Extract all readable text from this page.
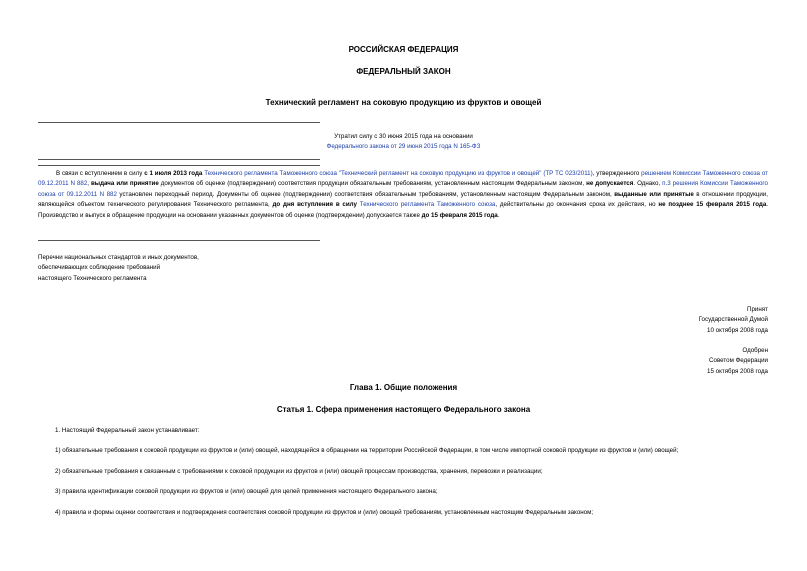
РОССИЙСКАЯ ФЕДЕРАЦИЯ
ФЕДЕРАЛЬНЫЙ ЗАКОН
Технический регламент на соковую продукцию из фруктов и овощей
Утратил силу с 30 июня 2015 года на основании
Федерального закона от 29 июня 2015 года N 165-ФЗ
В связи с вступлением в силу с 1 июля 2013 года Технического регламента Таможенного союза "Технический регламент на соковую продукцию из фруктов и овощей" (ТР ТС 023/2011), утвержденного решением Комиссии Таможенного союза от 09.12.2011 N 882, выдача или принятие документов об оценке (подтверждении) соответствия продукции обязательным требованиям, установленным настоящим Федеральным законом, не допускается. Однако, п.3 решения Комиссии Таможенного союза от 09.12.2011 N 882 установлен переходный период. Документы об оценке (подтверждении) соответствия обязательным требованиям, установленным настоящим Федеральным законом, выданные или принятые в отношении продукции, являющейся объектом технического регулирования Технического регламента, до дня вступления в силу Технического регламента Таможенного союза, действительны до окончания срока их действия, но не позднее 15 февраля 2015 года. Производство и выпуск в обращение продукции на основании указанных документов об оценке (подтверждении) допускается также до 15 февраля 2015 года.
Перечни национальных стандартов и иных документов,
обеспечивающих соблюдение требований
настоящего Технического регламента
Принят
Государственной Думой
10 октября 2008 года
Одобрен
Советом Федерации
15 октября 2008 года
Глава 1. Общие положения
Статья 1. Сфера применения настоящего Федерального закона
1. Настоящий Федеральный закон устанавливает:
1) обязательные требования к соковой продукции из фруктов и (или) овощей, находящейся в обращении на территории Российской Федерации, в том числе импортной соковой продукции из фруктов и (или) овощей;
2) обязательные требования к связанным с требованиями к соковой продукции из фруктов и (или) овощей процессам производства, хранения, перевозки и реализации;
3) правила идентификации соковой продукции из фруктов и (или) овощей для целей применения настоящего Федерального закона;
4) правила и формы оценки соответствия и подтверждения соответствия соковой продукции из фруктов и (или) овощей требованиям, установленным настоящим Федеральным законом;
